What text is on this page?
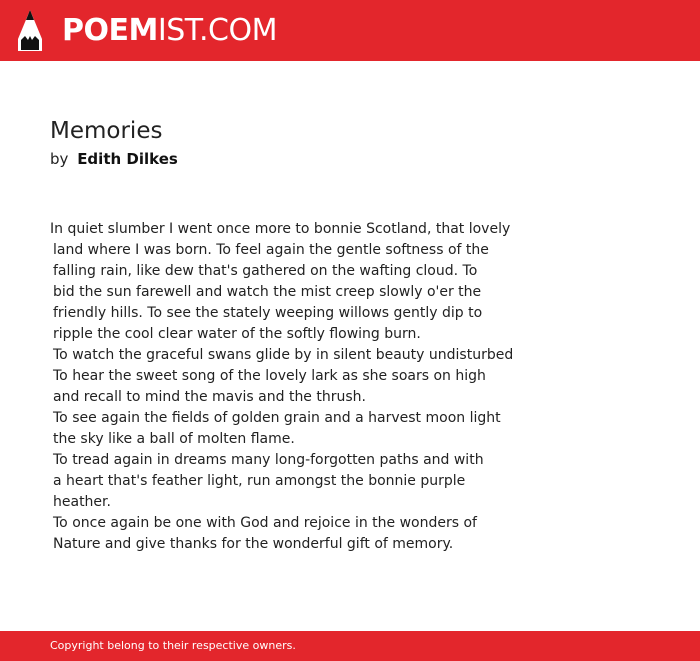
POEMIST.COM
Memories
by Edith Dilkes
In quiet slumber I went once more to bonnie Scotland, that lovely
land where I was born. To feel again the gentle softness of the
falling rain, like dew that's gathered on the wafting cloud. To
bid the sun farewell and watch the mist creep slowly o'er the
friendly hills. To see the stately weeping willows gently dip to
ripple the cool clear water of the softly flowing burn.
To watch the graceful swans glide by in silent beauty undisturbed
To hear the sweet song of the lovely lark as she soars on high
and recall to mind the mavis and the thrush.
To see again the fields of golden grain and a harvest moon light
the sky like a ball of molten flame.
To tread again in dreams many long-forgotten paths and with
a heart that's feather light, run amongst the bonnie purple
heather.
To once again be one with God and rejoice in the wonders of
Nature and give thanks for the wonderful gift of memory.
Copyright belong to their respective owners.
